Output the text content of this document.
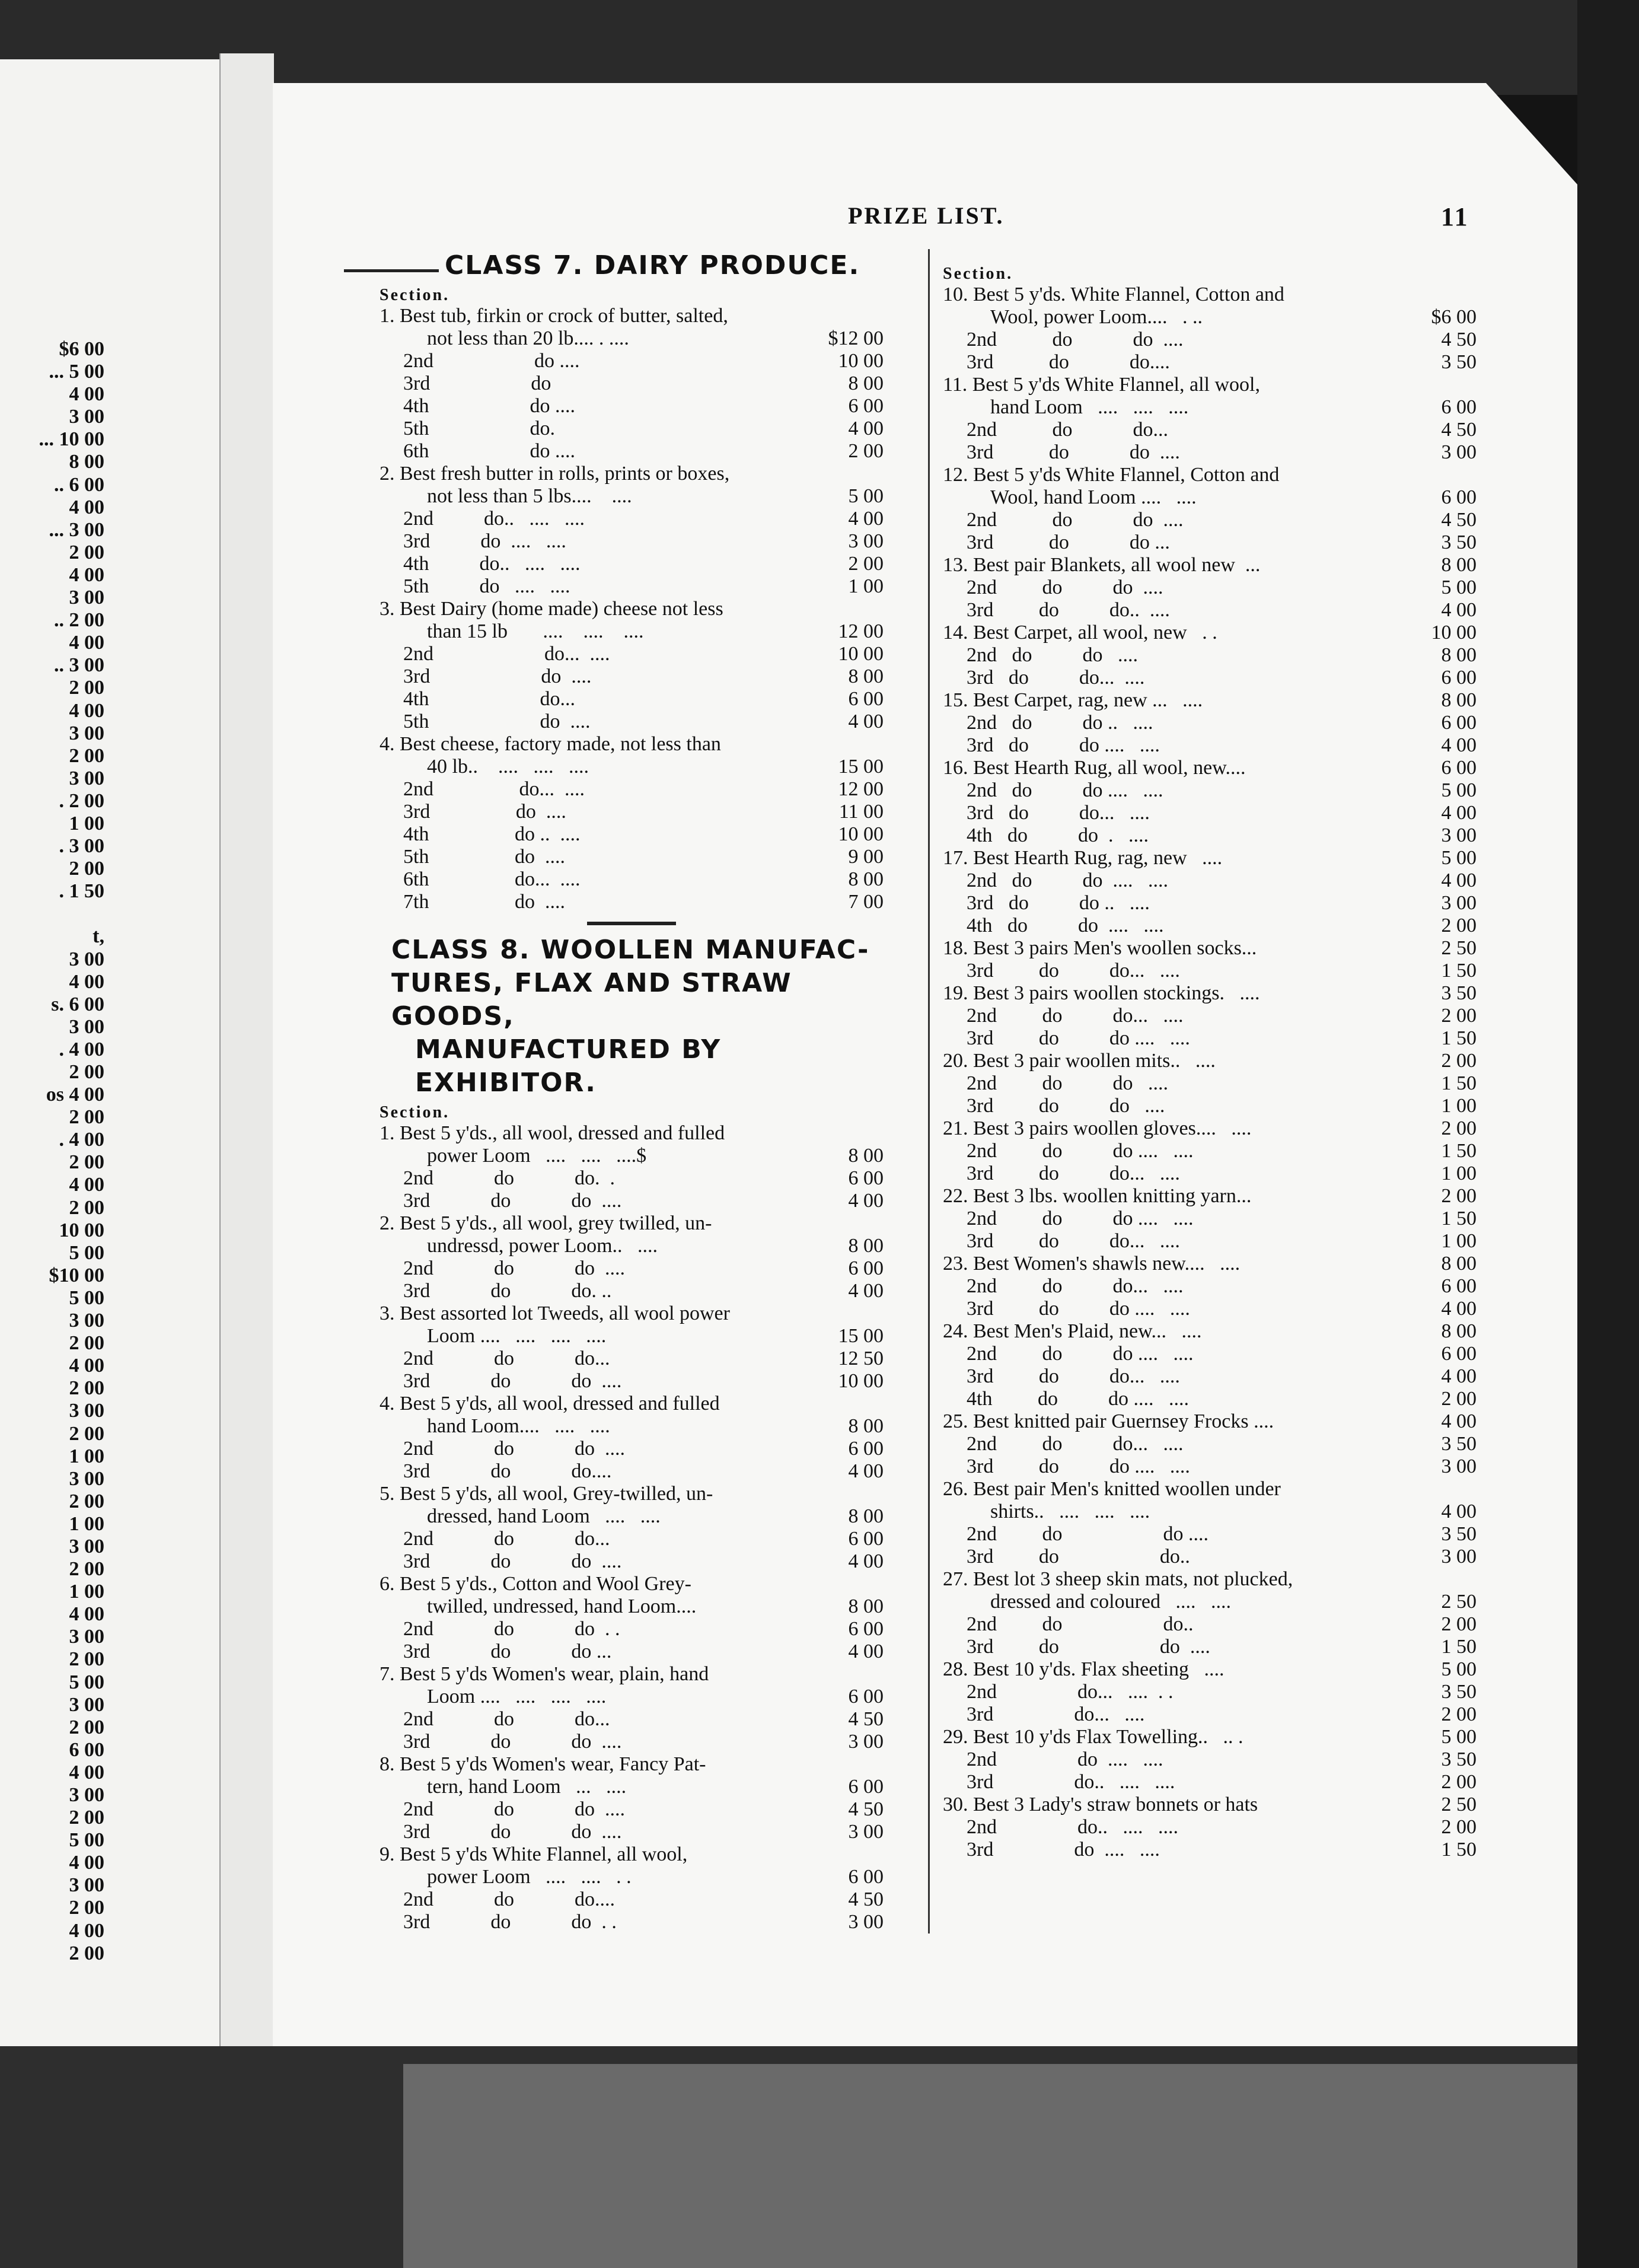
$6 00
... 5 00
4 00
3 00
... 10 00
8 00
.. 6 00
4 00
... 3 00
2 00
4 00
3 00
.. 2 00
4 00
.. 3 00
2 00
4 00
3 00
2 00
3 00
. 2 00
1 00
. 3 00
2 00
. 1 50
t,
3 00
4 00
s. 6 00
3 00
. 4 00
2 00
os 4 00
2 00
. 4 00
2 00
4 00
2 00
10 00
5 00
$10 00
5 00
3 00
2 00
4 00
2 00
3 00
2 00
1 00
3 00
2 00
1 00
3 00
2 00
1 00
4 00
3 00
2 00
5 00
3 00
2 00
6 00
4 00
3 00
2 00
5 00
4 00
3 00
2 00
4 00
2 00
PRIZE LIST.	11
CLASS 7. DAIRY PRODUCE.
Section.
1. Best tub, firkin or crock of butter, salted,
not less than 20 lb.... . ....	$12 00
2nd                    do ....	10 00
3rd                    do	8 00
4th                    do ....	6 00
5th                    do.	4 00
6th                    do ....	2 00
2. Best fresh butter in rolls, prints or boxes,
not less than 5 lbs....    ....	5 00
2nd          do..   ....   ....	4 00
3rd          do  ....   ....	3 00
4th          do..   ....   ....	2 00
5th          do   ....   ....	1 00
3. Best Dairy (home made) cheese not less
than 15 lb       ....    ....    ....	12 00
2nd                      do...  ....	10 00
3rd                      do  ....	8 00
4th                      do...	6 00
5th                      do  ....	4 00
4. Best cheese, factory made, not less than
40 lb..    ....   ....   ....	15 00
2nd                 do...  ....	12 00
3rd                 do  ....	11 00
4th                 do ..  ....	10 00
5th                 do  ....	9 00
6th                 do...  ....	8 00
7th                 do  ....	7 00
CLASS 8. WOOLLEN MANUFAC-
TURES, FLAX AND STRAW GOODS,
MANUFACTURED BY EXHIBITOR.
Section.
1. Best 5 y'ds., all wool, dressed and fulled
power Loom   ....   ....   ....$	8 00
2nd            do            do.  .	6 00
3rd            do            do  ....	4 00
2. Best 5 y'ds., all wool, grey twilled, un-
undressd, power Loom..   ....	8 00
2nd            do            do  ....	6 00
3rd            do            do. ..	4 00
3. Best assorted lot Tweeds, all wool power
Loom ....   ....   ....   ....	15 00
2nd            do            do...	12 50
3rd            do            do  ....	10 00
4. Best 5 y'ds, all wool, dressed and fulled
hand Loom....   ....   ....	8 00
2nd            do            do  ....	6 00
3rd            do            do....	4 00
5. Best 5 y'ds, all wool, Grey-twilled, un-
dressed, hand Loom   ....   ....	8 00
2nd            do            do...	6 00
3rd            do            do  ....	4 00
6. Best 5 y'ds., Cotton and Wool Grey-
twilled, undressed, hand Loom....	8 00
2nd            do            do  . .	6 00
3rd            do            do ...	4 00
7. Best 5 y'ds Women's wear, plain, hand
Loom ....   ....   ....   ....	6 00
2nd            do            do...	4 50
3rd            do            do  ....	3 00
8. Best 5 y'ds Women's wear, Fancy Pat-
tern, hand Loom   ...   ....	6 00
2nd            do            do  ....	4 50
3rd            do            do  ....	3 00
9. Best 5 y'ds White Flannel, all wool,
power Loom   ....   ....   . .	6 00
2nd            do            do....	4 50
3rd            do            do  . .	3 00
Section.
10. Best 5 y'ds. White Flannel, Cotton and
Wool, power Loom....   . ..	$6 00
2nd           do            do  ....	4 50
3rd           do            do....	3 50
11. Best 5 y'ds White Flannel, all wool,
hand Loom   ....   ....   ....	6 00
2nd           do            do...	4 50
3rd           do            do  ....	3 00
12. Best 5 y'ds White Flannel, Cotton and
Wool, hand Loom ....   ....	6 00
2nd           do            do  ....	4 50
3rd           do            do ...	3 50
13. Best pair Blankets, all wool new  ...	8 00
2nd         do          do  ....	5 00
3rd         do          do..  ....	4 00
14. Best Carpet, all wool, new   . .	10 00
2nd   do          do   ....	8 00
3rd   do          do...  ....	6 00
15. Best Carpet, rag, new ...   ....	8 00
2nd   do          do ..   ....	6 00
3rd   do          do ....   ....	4 00
16. Best Hearth Rug, all wool, new....	6 00
2nd   do          do ....   ....	5 00
3rd   do          do...   ....	4 00
4th   do          do  .   ....	3 00
17. Best Hearth Rug, rag, new   ....	5 00
2nd   do          do  ....   ....	4 00
3rd   do          do ..   ....	3 00
4th   do          do  ....   ....	2 00
18. Best 3 pairs Men's woollen socks...	2 50
3rd         do          do...   ....	1 50
19. Best 3 pairs woollen stockings.   ....	3 50
2nd         do          do...   ....	2 00
3rd         do          do ....   ....	1 50
20. Best 3 pair woollen mits..   ....	2 00
2nd         do          do   ....	1 50
3rd         do          do   ....	1 00
21. Best 3 pairs woollen gloves....   ....	2 00
2nd         do          do ....   ....	1 50
3rd         do          do...   ....	1 00
22. Best 3 lbs. woollen knitting yarn...	2 00
2nd         do          do ....   ....	1 50
3rd         do          do...   ....	1 00
23. Best Women's shawls new....   ....	8 00
2nd         do          do...   ....	6 00
3rd         do          do ....   ....	4 00
24. Best Men's Plaid, new...   ....	8 00
2nd         do          do ....   ....	6 00
3rd         do          do...   ....	4 00
4th         do          do ....   ....	2 00
25. Best knitted pair Guernsey Frocks ....	4 00
2nd         do          do...   ....	3 50
3rd         do          do ....   ....	3 00
26. Best pair Men's knitted woollen under
shirts..   ....   ....   ....	4 00
2nd         do                    do ....	3 50
3rd         do                    do..	3 00
27. Best lot 3 sheep skin mats, not plucked,
dressed and coloured   ....   ....	2 50
2nd         do                    do..	2 00
3rd         do                    do  ....	1 50
28. Best 10 y'ds. Flax sheeting   ....	5 00
2nd                do...   ....  . .	3 50
3rd                do...   ....	2 00
29. Best 10 y'ds Flax Towelling..   .. .	5 00
2nd                do  ....   ....	3 50
3rd                do..   ....   ....	2 00
30. Best 3 Lady's straw bonnets or hats	2 50
2nd                do..   ....   ....	2 00
3rd                do  ....   ....	1 50
